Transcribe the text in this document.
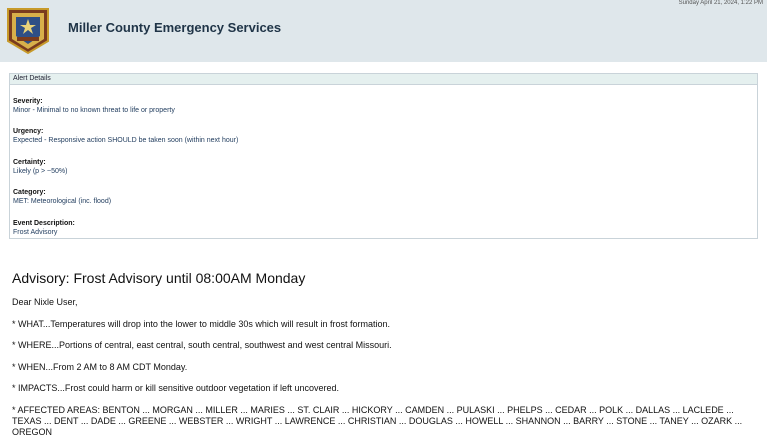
Miller County Emergency Services
Sunday April 21, 2024, 1:22 PM
Alert Details
Severity:
Minor - Minimal to no known threat to life or property
Urgency:
Expected - Responsive action SHOULD be taken soon (within next hour)
Certainty:
Likely (p > ~50%)
Category:
MET: Meteorological (inc. flood)
Event Description:
Frost Advisory
Advisory: Frost Advisory until 08:00AM Monday
Dear Nixle User,
* WHAT...Temperatures will drop into the lower to middle 30s which will result in frost formation.
* WHERE...Portions of central, east central, south central, southwest and west central Missouri.
* WHEN...From 2 AM to 8 AM CDT Monday.
* IMPACTS...Frost could harm or kill sensitive outdoor vegetation if left uncovered.
* AFFECTED AREAS: BENTON ... MORGAN ... MILLER ... MARIES ... ST. CLAIR ... HICKORY ... CAMDEN ... PULASKI ... PHELPS ... CEDAR ... POLK ... DALLAS ... LACLEDE ... TEXAS ... DENT ... DADE ... GREENE ... WEBSTER ... WRIGHT ... LAWRENCE ... CHRISTIAN ... DOUGLAS ... HOWELL ... SHANNON ... BARRY ... STONE ... TANEY ... OZARK ... OREGON
